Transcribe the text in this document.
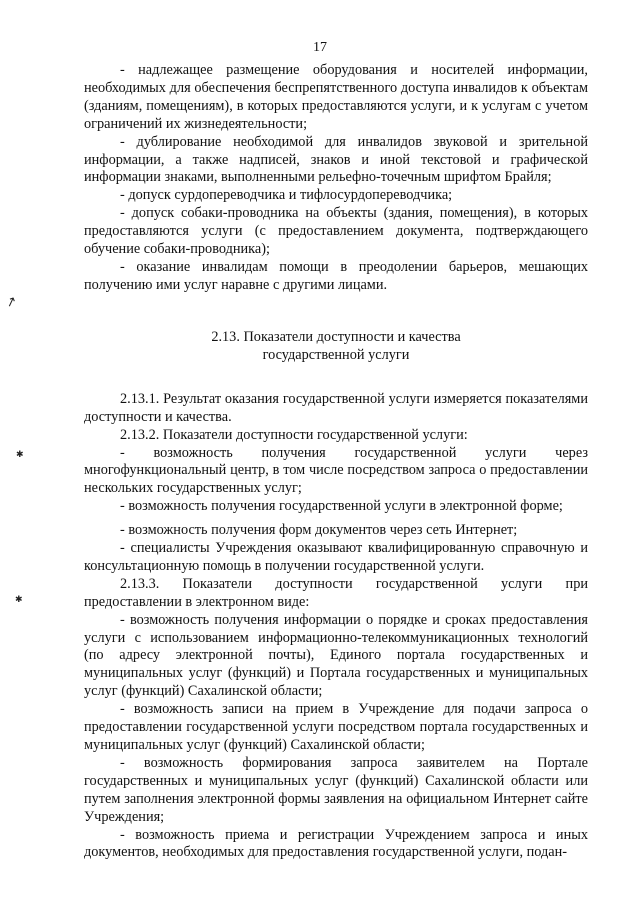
↗
✱
✱
17

- надлежащее размещение оборудования и носителей информации, необходимых для обеспечения беспрепятственного доступа инвалидов к объектам (зданиям, помещениям), в которых предоставляются услуги, и к услугам с учетом ограничений их жизнедеятельности;

- дублирование необходимой для инвалидов звуковой и зрительной информации, а также надписей, знаков и иной текстовой и графической информации знаками, выполненными рельефно-точечным шрифтом Брайля;

- допуск сурдопереводчика и тифлосурдопереводчика;

- допуск собаки-проводника на объекты (здания, помещения), в которых предоставляются услуги (с предоставлением документа, подтверждающего обучение собаки-проводника);

- оказание инвалидам помощи в преодолении барьеров, мешающих получению ими услуг наравне с другими лицами.

2.13. Показатели доступности и качества
государственной услуги

2.13.1. Результат оказания государственной услуги измеряется показателями доступности и качества.

2.13.2. Показатели доступности государственной услуги:

- возможность получения государственной услуги через многофункциональный центр, в том числе посредством запроса о предоставлении нескольких государственных услуг;

- возможность получения государственной услуги в электронной форме;

- возможность получения форм документов через сеть Интернет;

- специалисты Учреждения оказывают квалифицированную справочную и консультационную помощь в получении государственной услуги.

2.13.3. Показатели доступности государственной услуги при предоставлении в электронном виде:

- возможность получения информации о порядке и сроках предоставления услуги с использованием информационно-телекоммуникационных технологий (по адресу электронной почты), Единого портала государственных и муниципальных услуг (функций) и Портала государственных и муниципальных услуг (функций) Сахалинской области;

- возможность записи на прием в Учреждение для подачи запроса о предоставлении государственной услуги посредством портала государственных и муниципальных услуг (функций) Сахалинской области;

- возможность формирования запроса заявителем на Портале государственных и муниципальных услуг (функций) Сахалинской области или путем заполнения электронной формы заявления на официальном Интернет сайте Учреждения;

- возможность приема и регистрации Учреждением запроса и иных документов, необходимых для предоставления государственной услуги, подан-
